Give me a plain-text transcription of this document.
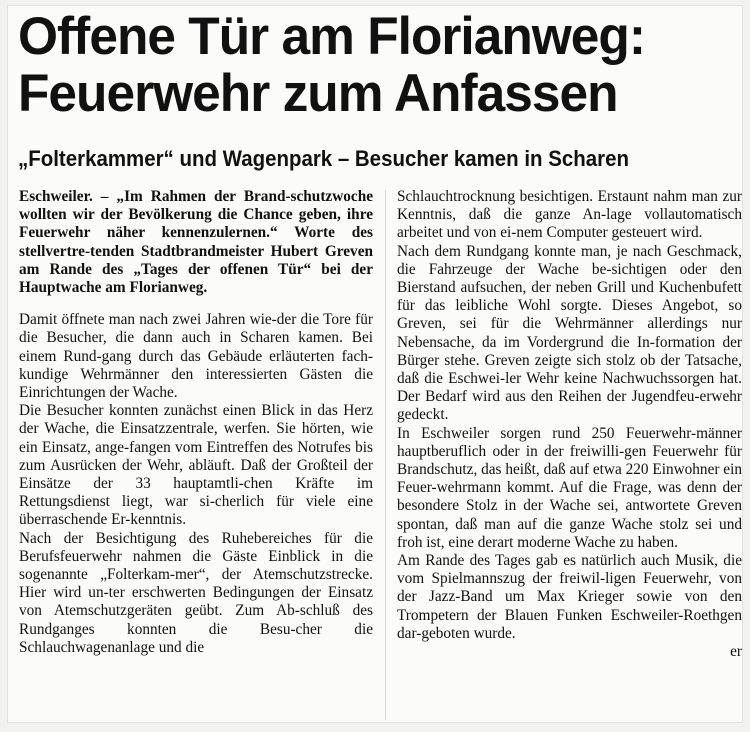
Offene Tür am Florianweg:
Feuerwehr zum Anfassen
„Folterkammer“ und Wagenpark – Besucher kamen in Scharen

Eschweiler. – „Im Rahmen der Brand-schutzwoche wollten wir der Bevölkerung die Chance geben, ihre Feuerwehr näher kennenzulernen.“ Worte des stellvertre-tenden Stadtbrandmeister Hubert Greven am Rande des „Tages der offenen Tür“ bei der Hauptwache am Florianweg.

Damit öffnete man nach zwei Jahren wie-der die Tore für die Besucher, die dann auch in Scharen kamen. Bei einem Rund-gang durch das Gebäude erläuterten fach-kundige Wehrmänner den interessierten Gästen die Einrichtungen der Wache.

Die Besucher konnten zunächst einen Blick in das Herz der Wache, die Einsatzzentrale, werfen. Sie hörten, wie ein Einsatz, ange-fangen vom Eintreffen des Notrufes bis zum Ausrücken der Wehr, abläuft. Daß der Großteil der Einsätze der 33 hauptamtli-chen Kräfte im Rettungsdienst liegt, war si-cherlich für viele eine überraschende Er-kenntnis.

Nach der Besichtigung des Ruhebereiches für die Berufsfeuerwehr nahmen die Gäste Einblick in die sogenannte „Folterkam-mer“, der Atemschutzstrecke. Hier wird un-ter erschwerten Bedingungen der Einsatz von Atemschutzgeräten geübt. Zum Ab-schluß des Rundganges konnten die Besu-cher die Schlauchwagenanlage und die

Schlauchtrocknung besichtigen. Erstaunt nahm man zur Kenntnis, daß die ganze An-lage vollautomatisch arbeitet und von ei-nem Computer gesteuert wird.

Nach dem Rundgang konnte man, je nach Geschmack, die Fahrzeuge der Wache be-sichtigen oder den Bierstand aufsuchen, der neben Grill und Kuchenbufett für das leibliche Wohl sorgte. Dieses Angebot, so Greven, sei für die Wehrmänner allerdings nur Nebensache, da im Vordergrund die In-formation der Bürger stehe. Greven zeigte sich stolz ob der Tatsache, daß die Eschwei-ler Wehr keine Nachwuchssorgen hat. Der Bedarf wird aus den Reihen der Jugendfeu-erwehr gedeckt.

In Eschweiler sorgen rund 250 Feuerwehr-männer hauptberuflich oder in der freiwilli-gen Feuerwehr für Brandschutz, das heißt, daß auf etwa 220 Einwohner ein Feuer-wehrmann kommt. Auf die Frage, was denn der besondere Stolz in der Wache sei, antwortete Greven spontan, daß man auf die ganze Wache stolz sei und froh ist, eine derart moderne Wache zu haben.

Am Rande des Tages gab es natürlich auch Musik, die vom Spielmannszug der freiwil-ligen Feuerwehr, von der Jazz-Band um Max Krieger sowie von den Trompetern der Blauen Funken Eschweiler-Roethgen dar-geboten wurde.

er
